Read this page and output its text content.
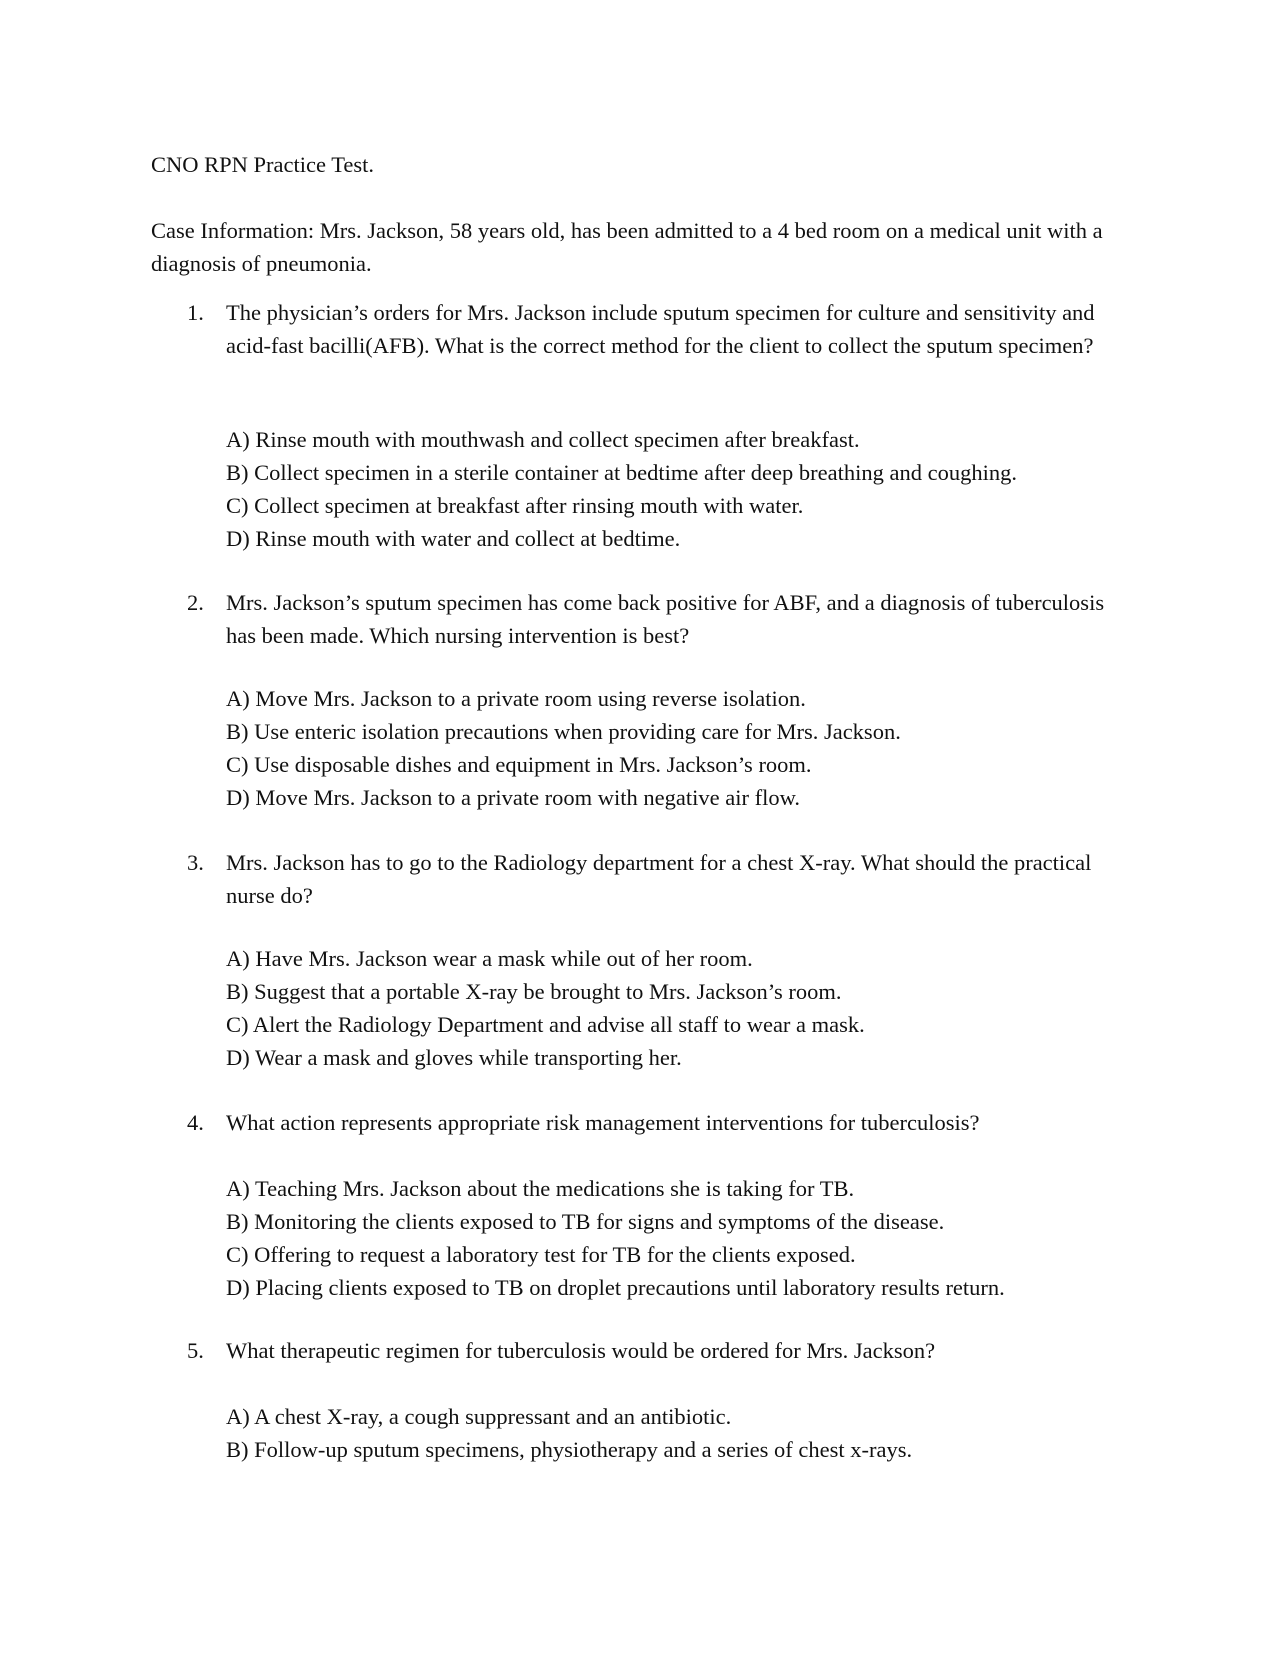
CNO RPN Practice Test.

Case Information: Mrs. Jackson, 58 years old, has been admitted to a 4 bed room on a medical unit with a diagnosis of pneumonia.

1. The physician’s orders for Mrs. Jackson include sputum specimen for culture and sensitivity and acid-fast bacilli(AFB). What is the correct method for the client to collect the sputum specimen?

A) Rinse mouth with mouthwash and collect specimen after breakfast.
B) Collect specimen in a sterile container at bedtime after deep breathing and coughing.
C) Collect specimen at breakfast after rinsing mouth with water.
D) Rinse mouth with water and collect at bedtime.
2. Mrs. Jackson’s sputum specimen has come back positive for ABF, and a diagnosis of tuberculosis has been made. Which nursing intervention is best?

A) Move Mrs. Jackson to a private room using reverse isolation.
B) Use enteric isolation precautions when providing care for Mrs. Jackson.
C) Use disposable dishes and equipment in Mrs. Jackson’s room.
D) Move Mrs. Jackson to a private room with negative air flow.
3. Mrs. Jackson has to go to the Radiology department for a chest X-ray. What should the practical nurse do?

A) Have Mrs. Jackson wear a mask while out of her room.
B) Suggest that a portable X-ray be brought to Mrs. Jackson’s room.
C) Alert the Radiology Department and advise all staff to wear a mask.
D) Wear a mask and gloves while transporting her.
4. What action represents appropriate risk management interventions for tuberculosis?

A) Teaching Mrs. Jackson about the medications she is taking for TB.
B) Monitoring the clients exposed to TB for signs and symptoms of the disease.
C) Offering to request a laboratory test for TB for the clients exposed.
D) Placing clients exposed to TB on droplet precautions until laboratory results return.
5. What therapeutic regimen for tuberculosis would be ordered for Mrs. Jackson?

A) A chest X-ray, a cough suppressant and an antibiotic.
B) Follow-up sputum specimens, physiotherapy and a series of chest x-rays.
